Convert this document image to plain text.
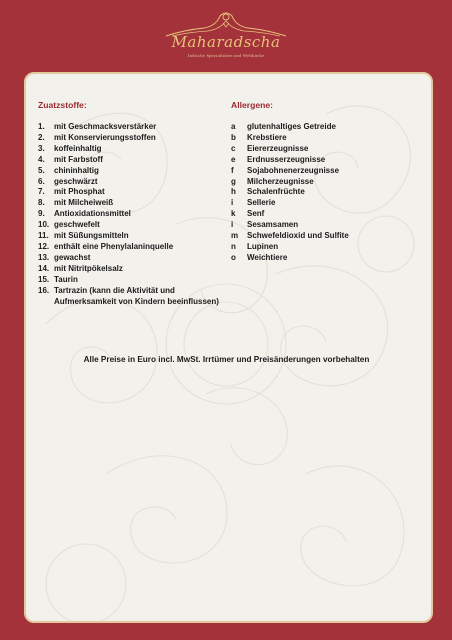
Maharadscha
Indische Spezialitäten und Weltküche
Zuatzstoffe:
1. mit Geschmacksverstärker
2. mit Konservierungsstoffen
3. koffeinhaltig
4. mit Farbstoff
5. chininhaltig
6. geschwärzt
7. mit Phosphat
8. mit Milcheiweiß
9. Antioxidationsmittel
10. geschwefelt
11. mit Süßungsmitteln
12. enthält eine Phenylalaninquelle
13. gewachst
14. mit Nitritpökelsalz
15. Taurin
16. Tartrazin (kann die Aktivität und Aufmerksamkeit von Kindern beeinflussen)
Allergene:
a glutenhaltiges Getreide
b Krebstiere
c Eiererzeugnisse
e Erdnusserzeugnisse
f Sojabohnenerzeugnisse
g Milcherzeugnisse
h Schalenfrüchte
i Sellerie
k Senf
i Sesamsamen
m Schwefeldioxid und Sulfite
n Lupinen
o Weichtiere
Alle Preise in Euro incl. MwSt. Irrtümer und Preisänderungen vorbehalten
